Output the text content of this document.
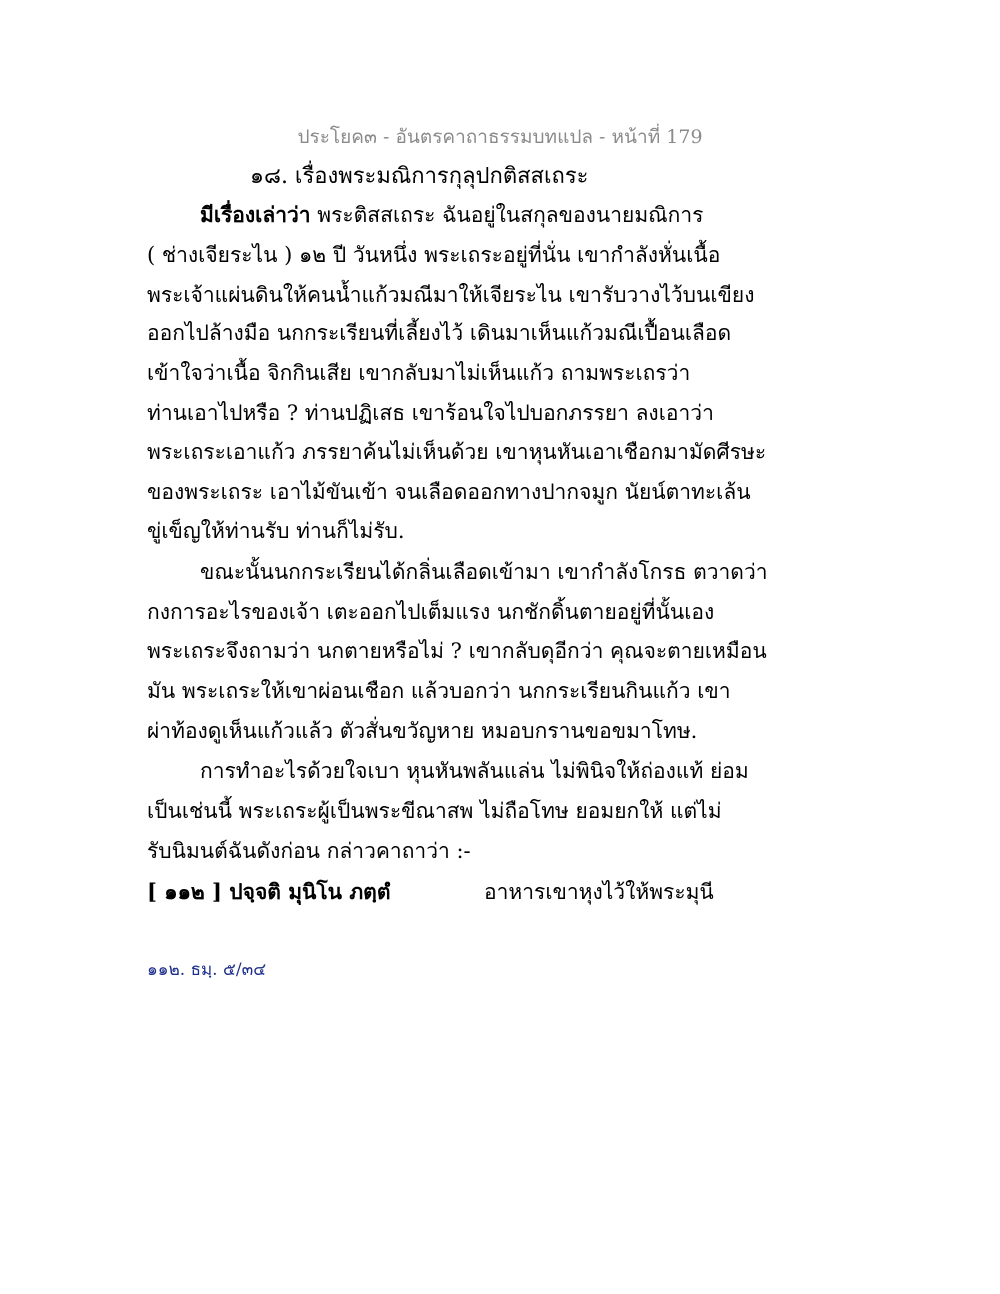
ประโยค๓ - อันตรคาถาธรรมบทแปล - หน้าที่ 179
๑๘. เรื่องพระมณิการกุลุปกติสสเถระ
มีเรื่องเล่าว่า พระติสสเถระ ฉันอยู่ในสกุลของนายมณิการ
( ช่างเจียระไน ) ๑๒ ปี วันหนึ่ง พระเถระอยู่ที่นั่น เขากำลังหั่นเนื้อ
พระเจ้าแผ่นดินให้คนน้ำแก้วมณีมาให้เจียระไน เขารับวางไว้บนเขียง
ออกไปล้างมือ นกกระเรียนที่เลี้ยงไว้ เดินมาเห็นแก้วมณีเปื้อนเลือด
เข้าใจว่าเนื้อ จิกกินเสีย เขากลับมาไม่เห็นแก้ว ถามพระเถรว่า
ท่านเอาไปหรือ ? ท่านปฏิเสธ เขาร้อนใจไปบอกภรรยา ลงเอาว่า
พระเถระเอาแก้ว ภรรยาค้นไม่เห็นด้วย เขาหุนหันเอาเชือกมามัดศีรษะ
ของพระเถระ เอาไม้ขันเข้า จนเลือดออกทางปากจมูก นัยน์ตาทะเล้น
ขู่เข็ญให้ท่านรับ ท่านก็ไม่รับ.
ขณะนั้นนกกระเรียนได้กลิ่นเลือดเข้ามา เขากำลังโกรธ ตวาดว่า
กงการอะไรของเจ้า เตะออกไปเต็มแรง นกชักดิ้นตายอยู่ที่นั้นเอง
พระเถระจึงถามว่า นกตายหรือไม่ ? เขากลับดุอีกว่า คุณจะตายเหมือน
มัน พระเถระให้เขาผ่อนเชือก แล้วบอกว่า นกกระเรียนกินแก้ว เขา
ผ่าท้องดูเห็นแก้วแล้ว ตัวสั่นขวัญหาย หมอบกรานขอขมาโทษ.
การทำอะไรด้วยใจเบา หุนหันพลันแล่น ไม่พินิจให้ถ่องแท้ ย่อม
เป็นเช่นนี้ พระเถระผู้เป็นพระขีณาสพ ไม่ถือโทษ ยอมยกให้ แต่ไม่
รับนิมนต์ฉันดังก่อน กล่าวคาถาว่า :-
[ ๑๑๒ ] ปจฺจติ มุนิโน ภตฺตํ	อาหารเขาหุงไว้ให้พระมุนี
๑๑๒. ธมฺ. ๕/๓๔
